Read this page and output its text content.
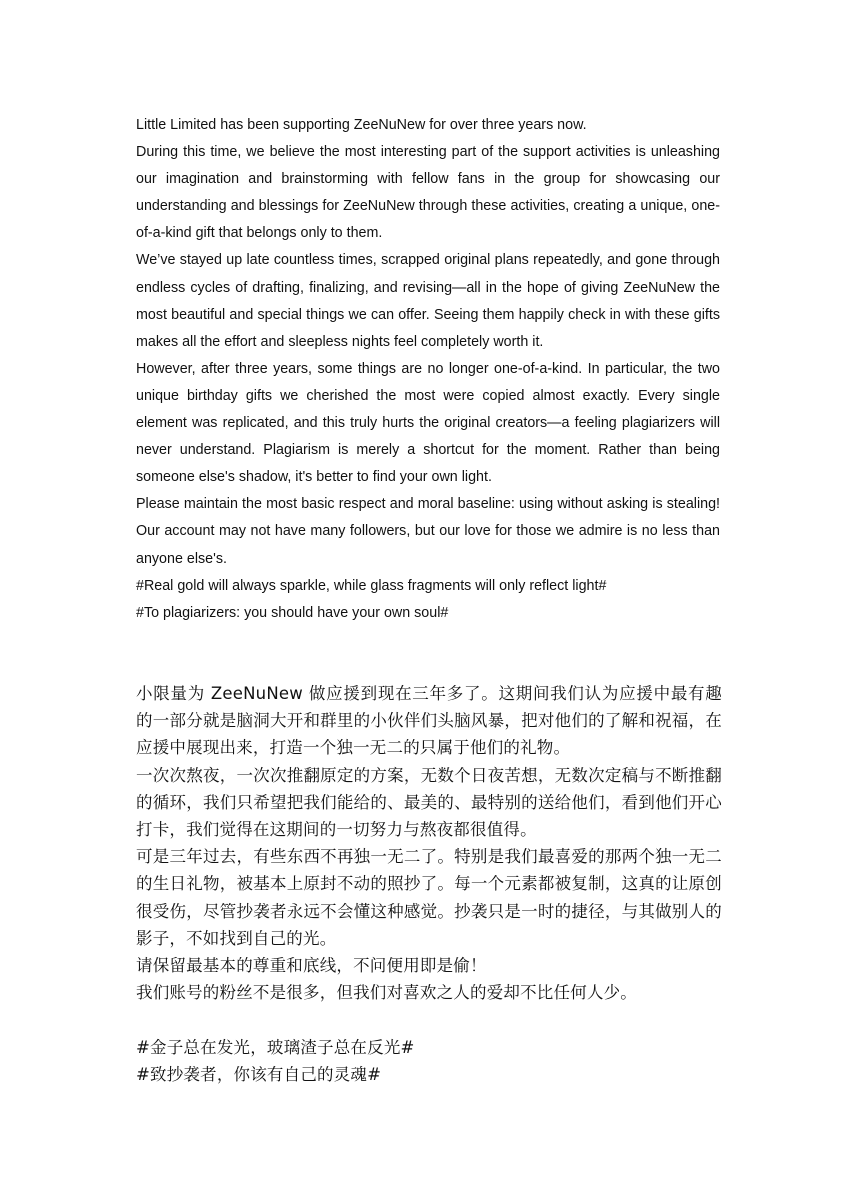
Little Limited has been supporting ZeeNuNew for over three years now.

During this time, we believe the most interesting part of the support activities is unleashing our imagination and brainstorming with fellow fans in the group for showcasing our understanding and blessings for ZeeNuNew through these activities, creating a unique, one-of-a-kind gift that belongs only to them.

We’ve stayed up late countless times, scrapped original plans repeatedly, and gone through endless cycles of drafting, finalizing, and revising—all in the hope of giving ZeeNuNew the most beautiful and special things we can offer. Seeing them happily check in with these gifts makes all the effort and sleepless nights feel completely worth it.

However, after three years, some things are no longer one-of-a-kind. In particular, the two unique birthday gifts we cherished the most were copied almost exactly. Every single element was replicated, and this truly hurts the original creators—a feeling plagiarizers will never understand. Plagiarism is merely a shortcut for the moment. Rather than being someone else's shadow, it's better to find your own light.

Please maintain the most basic respect and moral baseline: using without asking is stealing! Our account may not have many followers, but our love for those we admire is no less than anyone else's.

#Real gold will always sparkle, while glass fragments will only reflect light#

#To plagiarizers: you should have your own soul#

小限量为 ZeeNuNew 做应援到现在三年多了。这期间我们认为应援中最有趣的一部分就是脑洞大开和群里的小伙伴们头脑风暴，把对他们的了解和祝福，在应援中展现出来，打造一个独一无二的只属于他们的礼物。

一次次熬夜，一次次推翻原定的方案，无数个日夜苦想，无数次定稿与不断推翻的循环，我们只希望把我们能给的、最美的、最特别的送给他们，看到他们开心打卡，我们觉得在这期间的一切努力与熬夜都很值得。

可是三年过去，有些东西不再独一无二了。特别是我们最喜爱的那两个独一无二的生日礼物，被基本上原封不动的照抄了。每一个元素都被复制，这真的让原创很受伤，尽管抄袭者永远不会懂这种感觉。抄袭只是一时的捷径，与其做别人的影子，不如找到自己的光。

请保留最基本的尊重和底线，不问便用即是偷！

我们账号的粉丝不是很多，但我们对喜欢之人的爱却不比任何人少。

#金子总在发光，玻璃渣子总在反光#

#致抄袭者，你该有自己的灵魂#
